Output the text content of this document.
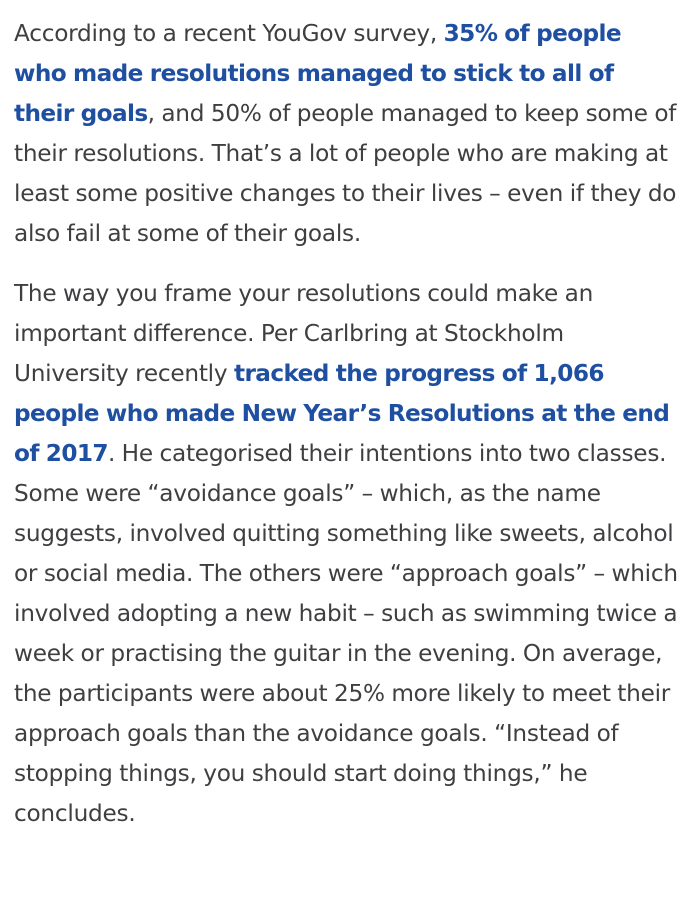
According to a recent YouGov survey, 35% of people who made resolutions managed to stick to all of their goals, and 50% of people managed to keep some of their resolutions. That’s a lot of people who are making at least some positive changes to their lives – even if they do also fail at some of their goals.

The way you frame your resolutions could make an important difference. Per Carlbring at Stockholm University recently tracked the progress of 1,066 people who made New Year’s Resolutions at the end of 2017. He categorised their intentions into two classes. Some were “avoidance goals” – which, as the name suggests, involved quitting something like sweets, alcohol or social media. The others were “approach goals” – which involved adopting a new habit – such as swimming twice a week or practising the guitar in the evening. On average, the participants were about 25% more likely to meet their approach goals than the avoidance goals. “Instead of stopping things, you should start doing things,” he concludes.
